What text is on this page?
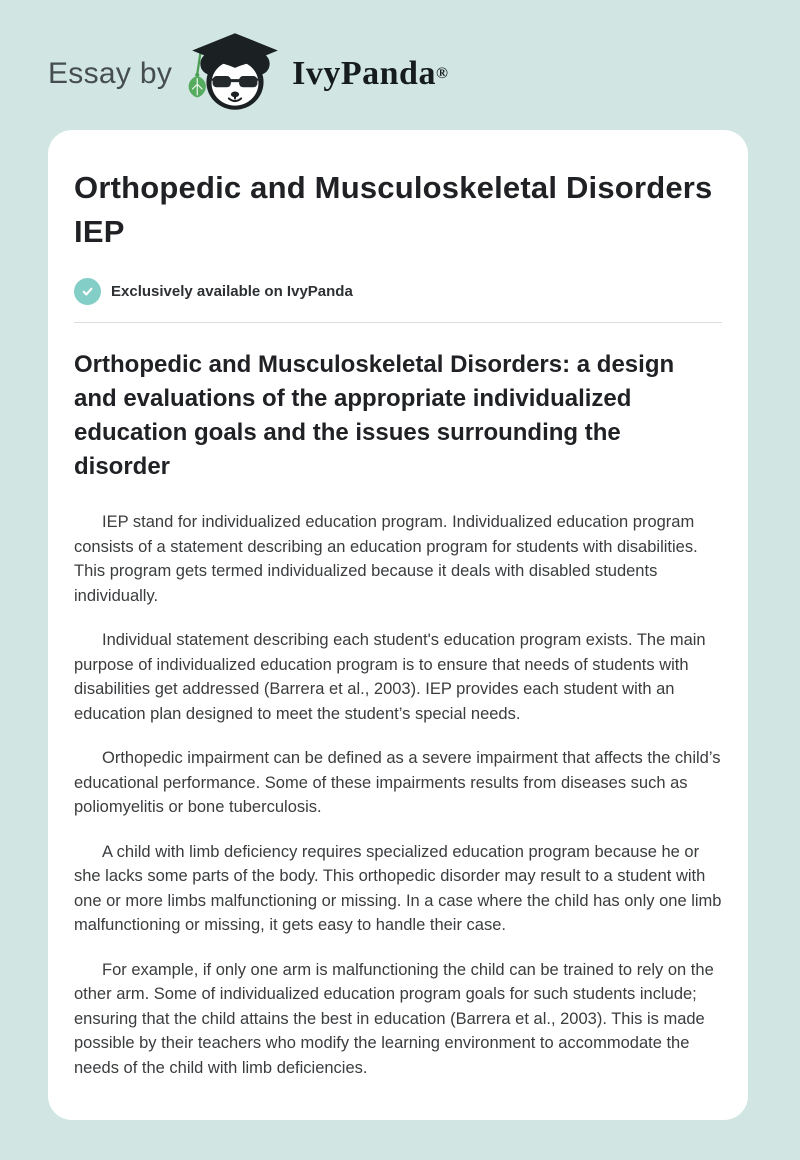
Essay by	IvyPanda ®
Orthopedic and Musculoskeletal Disorders IEP
Exclusively available on IvyPanda
Orthopedic and Musculoskeletal Disorders: a design and evaluations of the appropriate individualized education goals and the issues surrounding the disorder

IEP stand for individualized education program. Individualized education program consists of a statement describing an education program for students with disabilities. This program gets termed individualized because it deals with disabled students individually.

Individual statement describing each student's education program exists. The main purpose of individualized education program is to ensure that needs of students with disabilities get addressed (Barrera et al., 2003). IEP provides each student with an education plan designed to meet the student’s special needs.

Orthopedic impairment can be defined as a severe impairment that affects the child’s educational performance. Some of these impairments results from diseases such as poliomyelitis or bone tuberculosis.

A child with limb deficiency requires specialized education program because he or she lacks some parts of the body. This orthopedic disorder may result to a student with one or more limbs malfunctioning or missing. In a case where the child has only one limb malfunctioning or missing, it gets easy to handle their case.

For example, if only one arm is malfunctioning the child can be trained to rely on the other arm. Some of individualized education program goals for such students include; ensuring that the child attains the best in education (Barrera et al., 2003). This is made possible by their teachers who modify the learning environment to accommodate the needs of the child with limb deficiencies.
